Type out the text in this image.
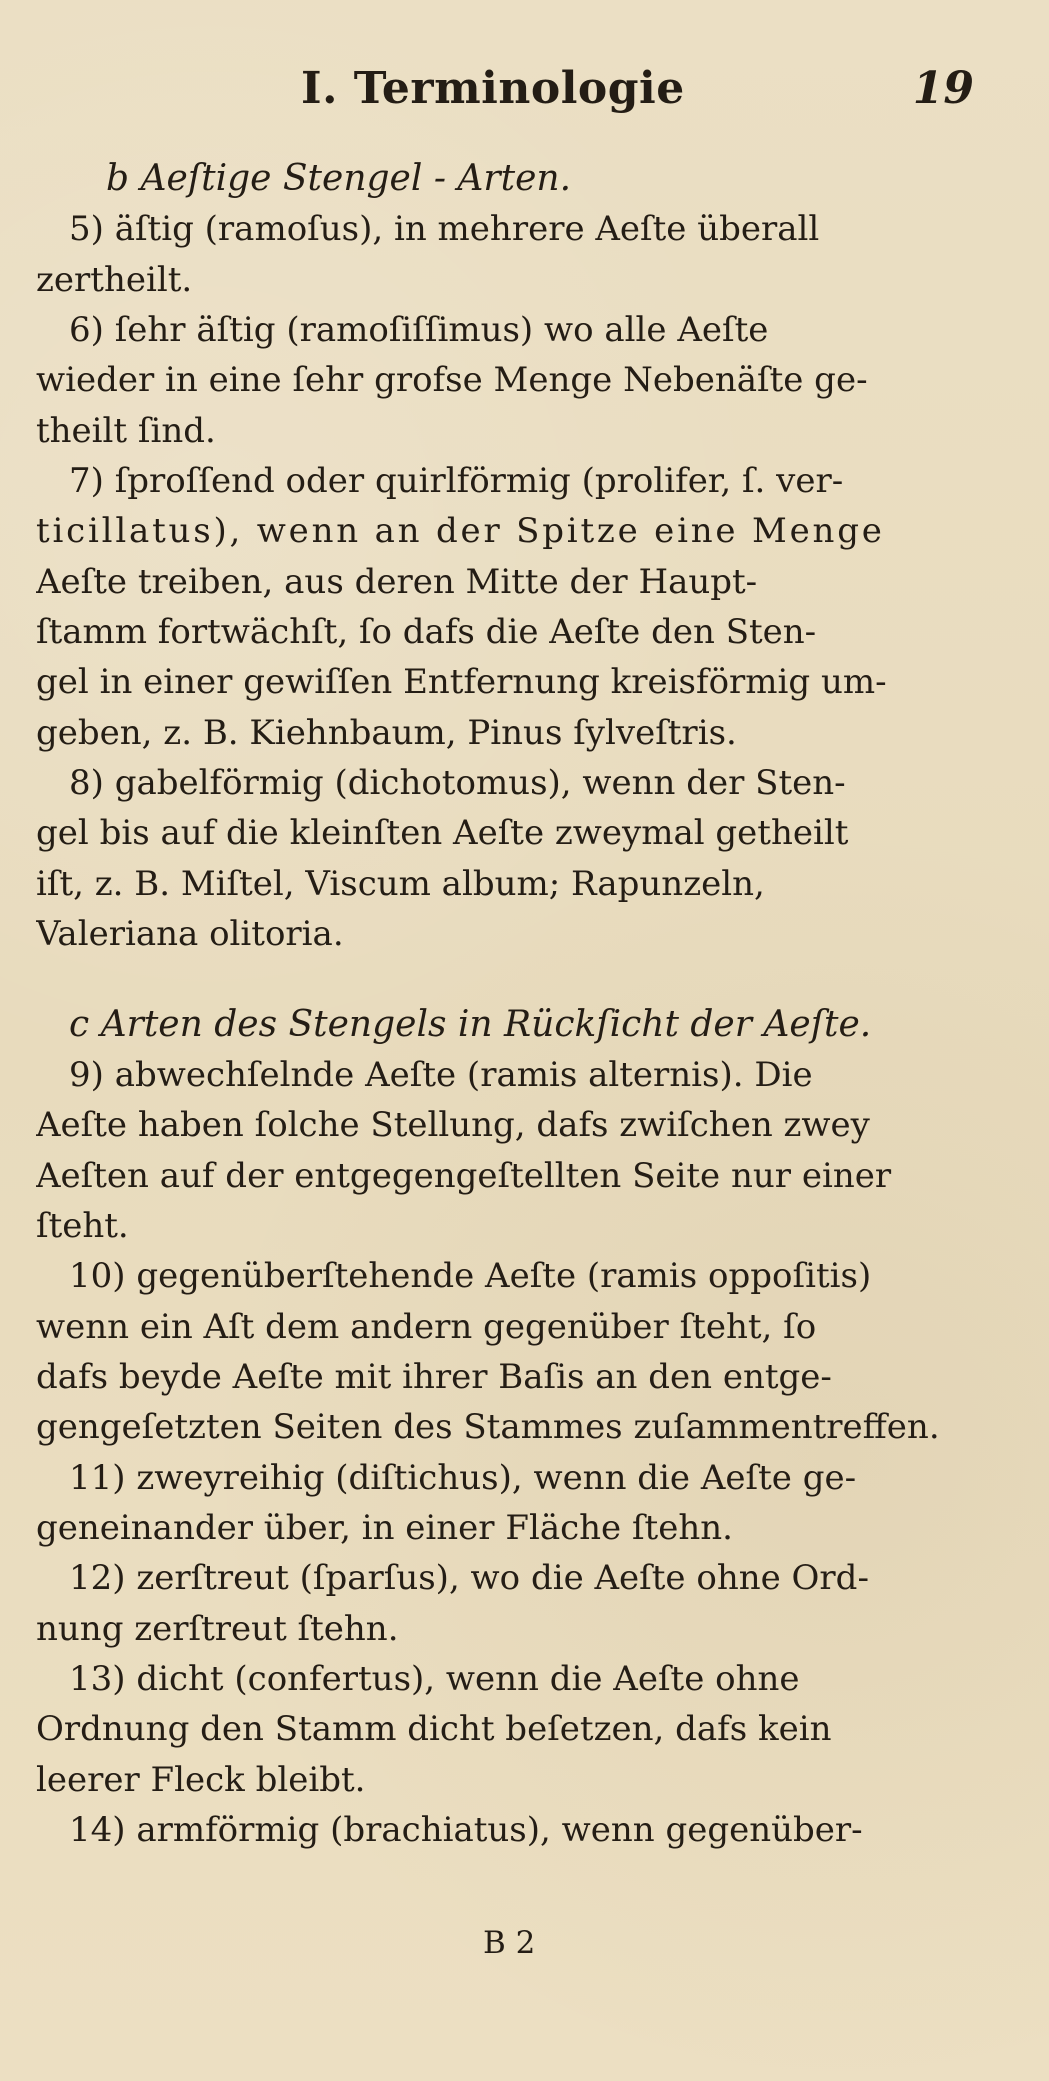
I. Terminologie	19
b Aeſtige Stengel - Arten.
5) äſtig (ramoſus), in mehrere Aeſte überall
zertheilt.
6) ſehr äſtig (ramoſiſſimus) wo alle Aeſte
wieder in eine ſehr grofse Menge Nebenäſte ge-
theilt ſind.
7) ſproſſend oder quirlförmig (prolifer, ſ. ver-
ticillatus), wenn an der Spitze eine Menge
Aeſte treiben, aus deren Mitte der Haupt-
ſtamm fortwächſt, ſo dafs die Aeſte den Sten-
gel in einer gewiſſen Entfernung kreisförmig um-
geben, z. B. Kiehnbaum, Pinus ſylveſtris.
8) gabelförmig (dichotomus), wenn der Sten-
gel bis auf die kleinſten Aeſte zweymal getheilt
iſt, z. B. Miſtel, Viscum album; Rapunzeln,
Valeriana olitoria.
c Arten des Stengels in Rückſicht der Aeſte.
9) abwechſelnde Aeſte (ramis alternis). Die
Aeſte haben ſolche Stellung, dafs zwiſchen zwey
Aeſten auf der entgegengeſtellten Seite nur einer
ſteht.
10) gegenüberſtehende Aeſte (ramis oppoſitis)
wenn ein Aſt dem andern gegenüber ſteht, ſo
dafs beyde Aeſte mit ihrer Baſis an den entge-
gengeſetzten Seiten des Stammes zuſammentreffen.
11) zweyreihig (diſtichus), wenn die Aeſte ge-
geneinander über, in einer Fläche ſtehn.
12) zerſtreut (ſparſus), wo die Aeſte ohne Ord-
nung zerſtreut ſtehn.
13) dicht (confertus), wenn die Aeſte ohne
Ordnung den Stamm dicht beſetzen, dafs kein
leerer Fleck bleibt.
14) armförmig (brachiatus), wenn gegenüber-
B 2
